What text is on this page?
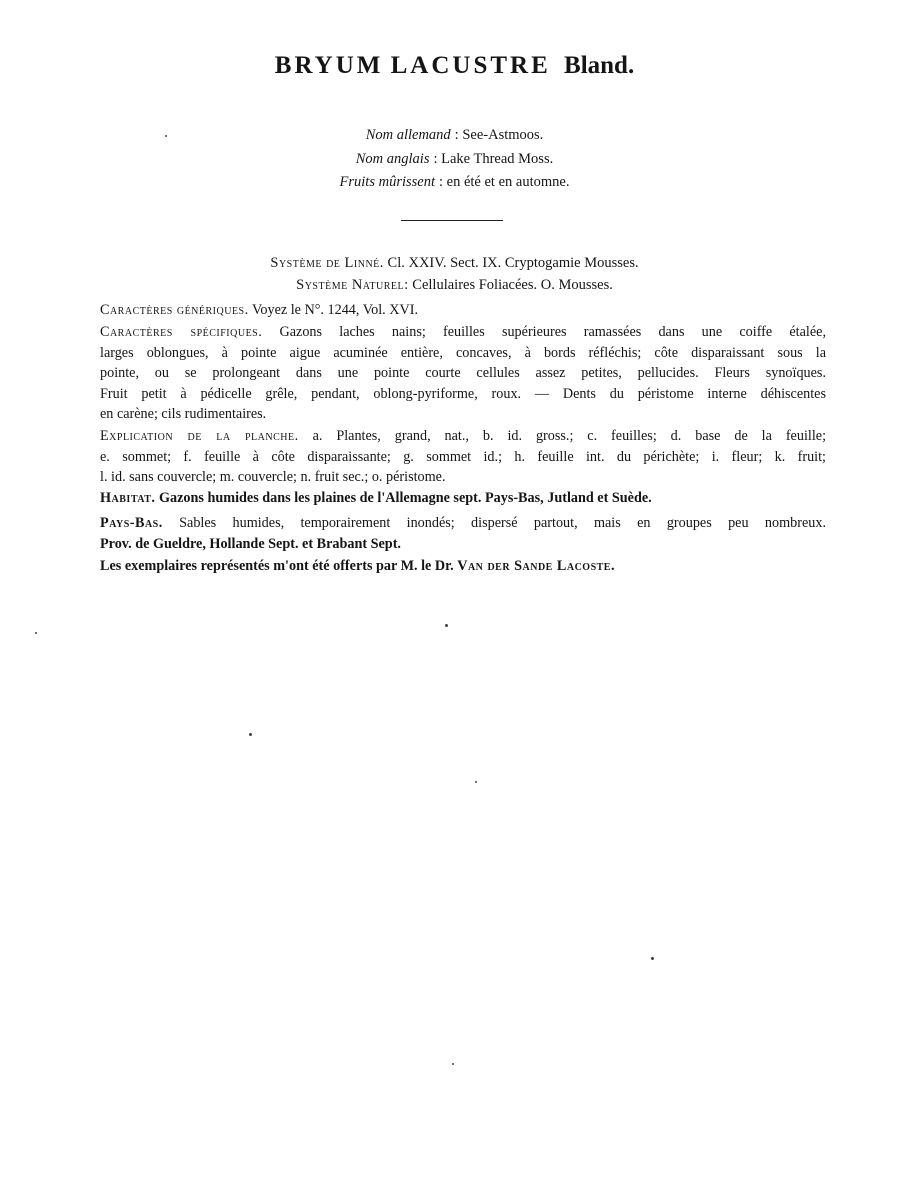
BRYUM LACUSTRE Bland.
Nom allemand : See-Astmoos.
Nom anglais : Lake Thread Moss.
Fruits mûrissent : en été et en automne.
Système de Linné. Cl. XXIV. Sect. IX. Cryptogamie Mousses.
Système Naturel: Cellulaires Foliacées. O. Mousses.
Caractères génériques. Voyez le N°. 1244, Vol. XVI.
Caractères spécifiques. Gazons laches nains; feuilles supérieures ramassées dans une coiffe étalée,
larges oblongues, à pointe aigue acuminée entière, concaves, à bords réfléchis; côte disparaissant sous la
pointe, ou se prolongeant dans une pointe courte cellules assez petites, pellucides. Fleurs synoïques.
Fruit petit à pédicelle grêle, pendant, oblong-pyriforme, roux. — Dents du péristome interne déhiscentes
en carène; cils rudimentaires.
Explication de la planche. a. Plantes, grand, nat., b. id. gross.; c. feuilles; d. base de la feuille;
e. sommet; f. feuille à côte disparaissante; g. sommet id.; h. feuille int. du périchète; i. fleur; k. fruit;
l. id. sans couvercle; m. couvercle; n. fruit sec.; o. péristome.
Habitat. Gazons humides dans les plaines de l'Allemagne sept. Pays-Bas, Jutland et Suède.
Pays-Bas. Sables humides, temporairement inondés; dispersé partout, mais en groupes peu nombreux.
Prov. de Gueldre, Hollande Sept. et Brabant Sept.
Les exemplaires représentés m'ont été offerts par M. le Dr. Van der Sande Lacoste.
